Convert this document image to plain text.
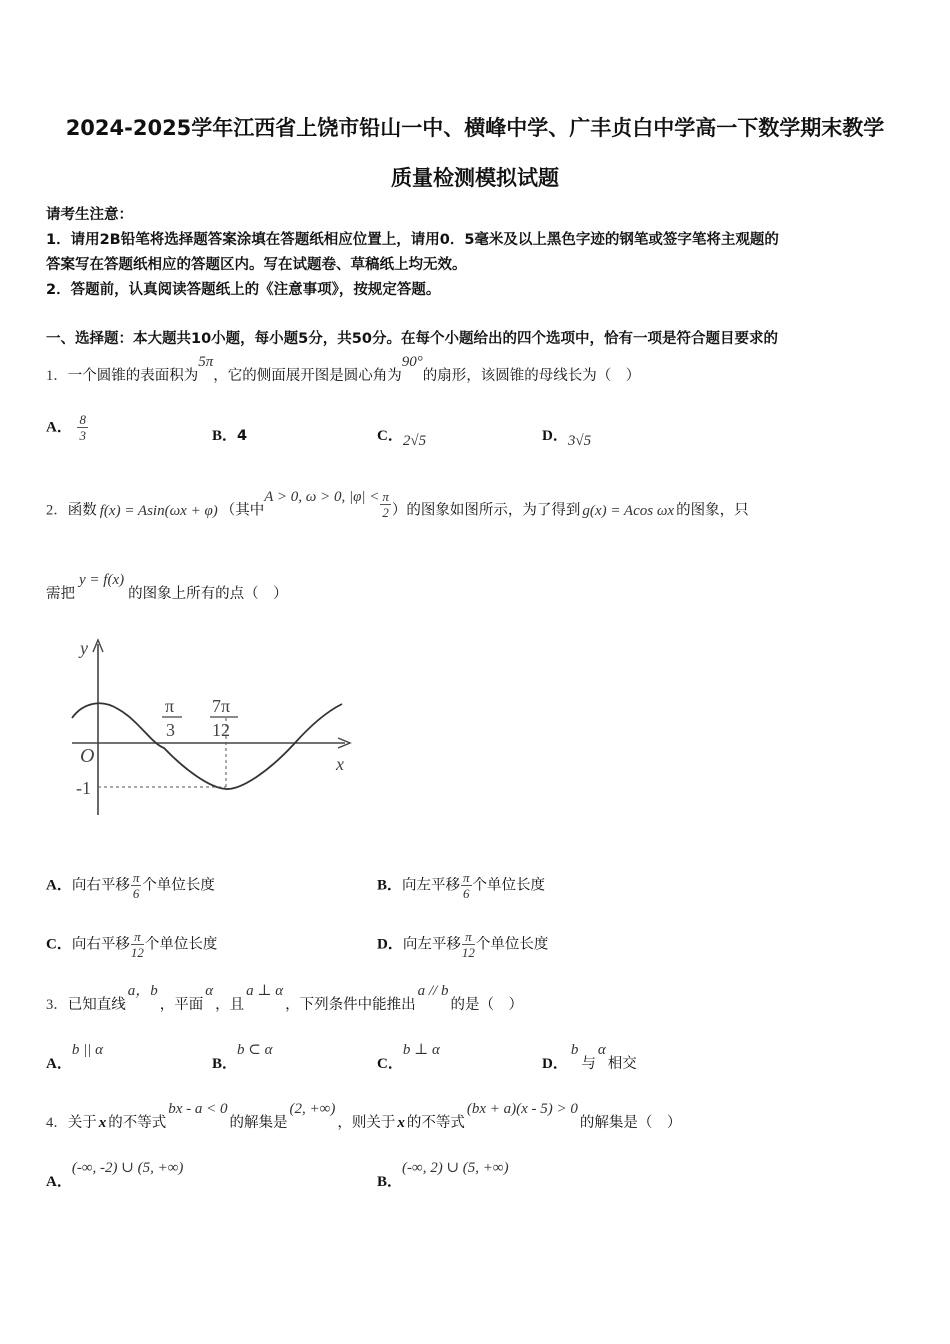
2024-2025学年江西省上饶市铅山一中、横峰中学、广丰贞白中学高一下数学期末教学
质量检测模拟试题
请考生注意：
1．请用2B铅笔将选择题答案涂填在答题纸相应位置上，请用0．5毫米及以上黑色字迹的钢笔或签字笔将主观题的
答案写在答题纸相应的答题区内。写在试题卷、草稿纸上均无效。
2．答题前，认真阅读答题纸上的《注意事项》，按规定答题。
一、选择题：本大题共10小题，每小题5分，共50分。在每个小题给出的四个选项中，恰有一项是符合题目要求的
1．一个圆锥的表面积为5π，它的侧面展开图是圆心角为90°的扇形，该圆锥的母线长为（　）
A． $\frac{8}{3}$	B．4	C．2√5	D．3√5
2．函数 f(x) = Asin(ωx + φ) （其中A > 0, ω > 0, $|\varphi| < \frac{\pi}{2}$ ）的图象如图所示，为了得到 g(x) = Acos ωx 的图象，只
需把y = f(x)的图象上所有的点（　）
y
x
O
-1
π
3
7π
12
A．向右平移 $\frac{\pi}{6}$ 个单位长度	B．向左平移 $\frac{\pi}{6}$ 个单位长度
C．向右平移 $\frac{\pi}{12}$ 个单位长度	D．向左平移 $\frac{\pi}{12}$ 个单位长度
3．已知直线a，b，平面α，且a ⊥ α，下列条件中能推出a // b的是（　）
A．b || α
B．b ⊂ α
C．b ⊥ α
D．b与α相交
4．关于 x 的不等式bx - a < 0的解集是(2, +∞)，则关于 x 的不等式(bx + a)(x - 5) > 0的解集是（　）
A．(-∞, -2) ∪ (5, +∞)
B．(-∞, 2) ∪ (5, +∞)
